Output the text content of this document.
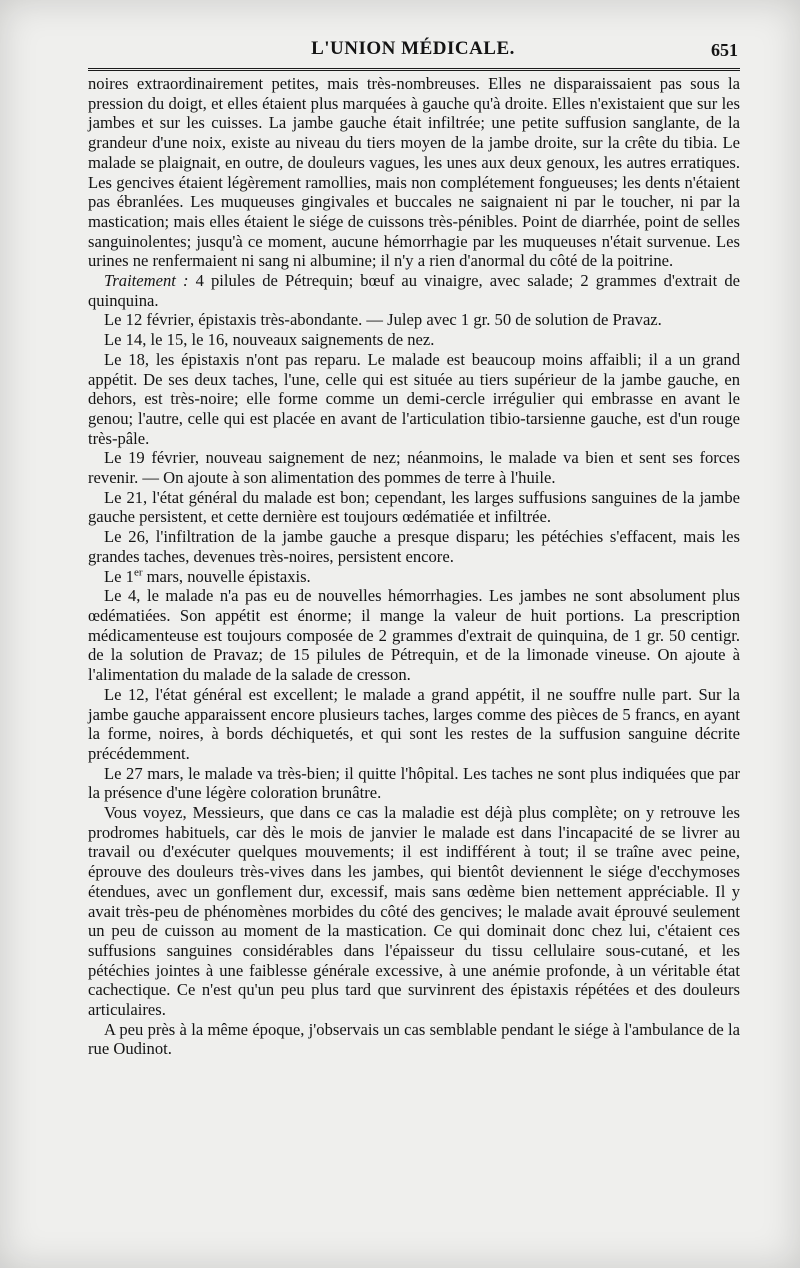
L'UNION MÉDICALE.	651

noires extraordinairement petites, mais très-nombreuses. Elles ne disparaissaient pas sous la pression du doigt, et elles étaient plus marquées à gauche qu'à droite. Elles n'existaient que sur les jambes et sur les cuisses. La jambe gauche était infiltrée; une petite suffusion sanglante, de la grandeur d'une noix, existe au niveau du tiers moyen de la jambe droite, sur la crête du tibia. Le malade se plaignait, en outre, de douleurs vagues, les unes aux deux genoux, les autres erratiques. Les gencives étaient légèrement ramollies, mais non complétement fongueuses; les dents n'étaient pas ébranlées. Les muqueuses gingivales et buccales ne saignaient ni par le toucher, ni par la mastication; mais elles étaient le siége de cuissons très-pénibles. Point de diarrhée, point de selles sanguinolentes; jusqu'à ce moment, aucune hémorrhagie par les muqueuses n'était survenue. Les urines ne renfermaient ni sang ni albumine; il n'y a rien d'anormal du côté de la poitrine.

Traitement : 4 pilules de Pétrequin; bœuf au vinaigre, avec salade; 2 grammes d'extrait de quinquina.

Le 12 février, épistaxis très-abondante. — Julep avec 1 gr. 50 de solution de Pravaz.

Le 14, le 15, le 16, nouveaux saignements de nez.

Le 18, les épistaxis n'ont pas reparu. Le malade est beaucoup moins affaibli; il a un grand appétit. De ses deux taches, l'une, celle qui est située au tiers supérieur de la jambe gauche, en dehors, est très-noire; elle forme comme un demi-cercle irrégulier qui embrasse en avant le genou; l'autre, celle qui est placée en avant de l'articulation tibio-tarsienne gauche, est d'un rouge très-pâle.

Le 19 février, nouveau saignement de nez; néanmoins, le malade va bien et sent ses forces revenir. — On ajoute à son alimentation des pommes de terre à l'huile.

Le 21, l'état général du malade est bon; cependant, les larges suffusions sanguines de la jambe gauche persistent, et cette dernière est toujours œdématiée et infiltrée.

Le 26, l'infiltration de la jambe gauche a presque disparu; les pétéchies s'effacent, mais les grandes taches, devenues très-noires, persistent encore.

Le 1er mars, nouvelle épistaxis.

Le 4, le malade n'a pas eu de nouvelles hémorrhagies. Les jambes ne sont absolument plus œdématiées. Son appétit est énorme; il mange la valeur de huit portions. La prescription médicamenteuse est toujours composée de 2 grammes d'extrait de quinquina, de 1 gr. 50 centigr. de la solution de Pravaz; de 15 pilules de Pétrequin, et de la limonade vineuse. On ajoute à l'alimentation du malade de la salade de cresson.

Le 12, l'état général est excellent; le malade a grand appétit, il ne souffre nulle part. Sur la jambe gauche apparaissent encore plusieurs taches, larges comme des pièces de 5 francs, en ayant la forme, noires, à bords déchiquetés, et qui sont les restes de la suffusion sanguine décrite précédemment.

Le 27 mars, le malade va très-bien; il quitte l'hôpital. Les taches ne sont plus indiquées que par la présence d'une légère coloration brunâtre.

Vous voyez, Messieurs, que dans ce cas la maladie est déjà plus complète; on y retrouve les prodromes habituels, car dès le mois de janvier le malade est dans l'incapacité de se livrer au travail ou d'exécuter quelques mouvements; il est indifférent à tout; il se traîne avec peine, éprouve des douleurs très-vives dans les jambes, qui bientôt deviennent le siége d'ecchymoses étendues, avec un gonflement dur, excessif, mais sans œdème bien nettement appréciable. Il y avait très-peu de phénomènes morbides du côté des gencives; le malade avait éprouvé seulement un peu de cuisson au moment de la mastication. Ce qui dominait donc chez lui, c'étaient ces suffusions sanguines considérables dans l'épaisseur du tissu cellulaire sous-cutané, et les pétéchies jointes à une faiblesse générale excessive, à une anémie profonde, à un véritable état cachectique. Ce n'est qu'un peu plus tard que survinrent des épistaxis répétées et des douleurs articulaires.

A peu près à la même époque, j'observais un cas semblable pendant le siége à l'ambulance de la rue Oudinot.
